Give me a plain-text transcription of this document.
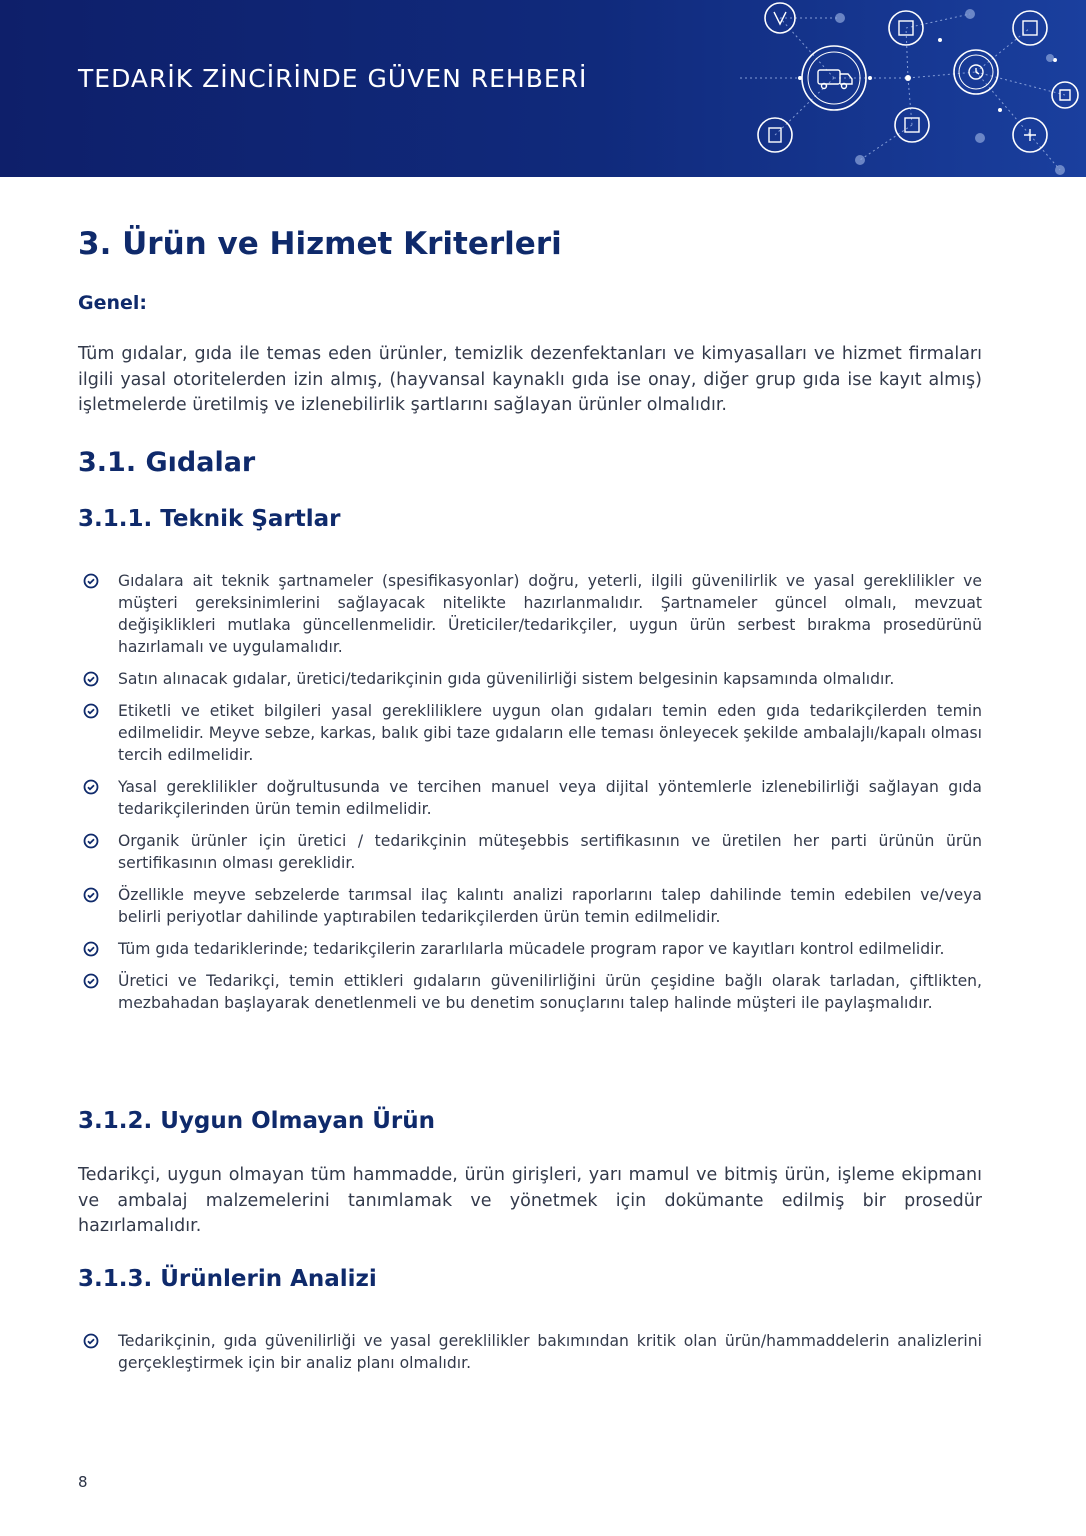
TEDARİK ZİNCİRİNDE GÜVEN REHBERİ
3. Ürün ve Hizmet Kriterleri
Genel:

Tüm gıdalar, gıda ile temas eden ürünler, temizlik dezenfektanları ve kimyasalları ve hizmet firmaları ilgili yasal otoritelerden izin almış, (hayvansal kaynaklı gıda ise onay, diğer grup gıda ise kayıt almış) işletmelerde üretilmiş ve izlenebilirlik şartlarını sağlayan ürünler olmalıdır.

3.1. Gıdalar
3.1.1. Teknik Şartlar
Gıdalara ait teknik şartnameler (spesifikasyonlar) doğru, yeterli, ilgili güvenilirlik ve yasal gereklilikler ve müşteri gereksinimlerini sağlayacak nitelikte hazırlanmalıdır. Şartnameler güncel olmalı, mevzuat değişiklikleri mutlaka güncellenmelidir. Üreticiler/tedarikçiler, uygun ürün serbest bırakma prosedürünü hazırlamalı ve uygulamalıdır.
Satın alınacak gıdalar, üretici/tedarikçinin gıda güvenilirliği sistem belgesinin kapsamında olmalıdır.
Etiketli ve etiket bilgileri yasal gerekliliklere uygun olan gıdaları temin eden gıda tedarikçilerden temin edilmelidir. Meyve sebze, karkas, balık gibi taze gıdaların elle teması önleyecek şekilde ambalajlı/kapalı olması tercih edilmelidir.
Yasal gereklilikler doğrultusunda ve tercihen manuel veya dijital yöntemlerle izlenebilirliği sağlayan gıda tedarikçilerinden ürün temin edilmelidir.
Organik ürünler için üretici / tedarikçinin müteşebbis sertifikasının ve üretilen her parti ürünün ürün sertifikasının olması gereklidir.
Özellikle meyve sebzelerde tarımsal ilaç kalıntı analizi raporlarını talep dahilinde temin edebilen ve/veya belirli periyotlar dahilinde yaptırabilen tedarikçilerden ürün temin edilmelidir.
Tüm gıda tedariklerinde; tedarikçilerin zararlılarla mücadele program rapor ve kayıtları kontrol edilmelidir.
Üretici ve Tedarikçi, temin ettikleri gıdaların güvenilirliğini ürün çeşidine bağlı olarak tarladan, çiftlikten, mezbahadan başlayarak denetlenmeli ve bu denetim sonuçlarını talep halinde müşteri ile paylaşmalıdır.
3.1.2. Uygun Olmayan Ürün

Tedarikçi, uygun olmayan tüm hammadde, ürün girişleri, yarı mamul ve bitmiş ürün, işleme ekipmanı ve ambalaj malzemelerini tanımlamak ve yönetmek için dokümante edilmiş bir prosedür hazırlamalıdır.

3.1.3. Ürünlerin Analizi
Tedarikçinin, gıda güvenilirliği ve yasal gereklilikler bakımından kritik olan ürün/hammaddelerin analizlerini gerçekleştirmek için bir analiz planı olmalıdır.
8
